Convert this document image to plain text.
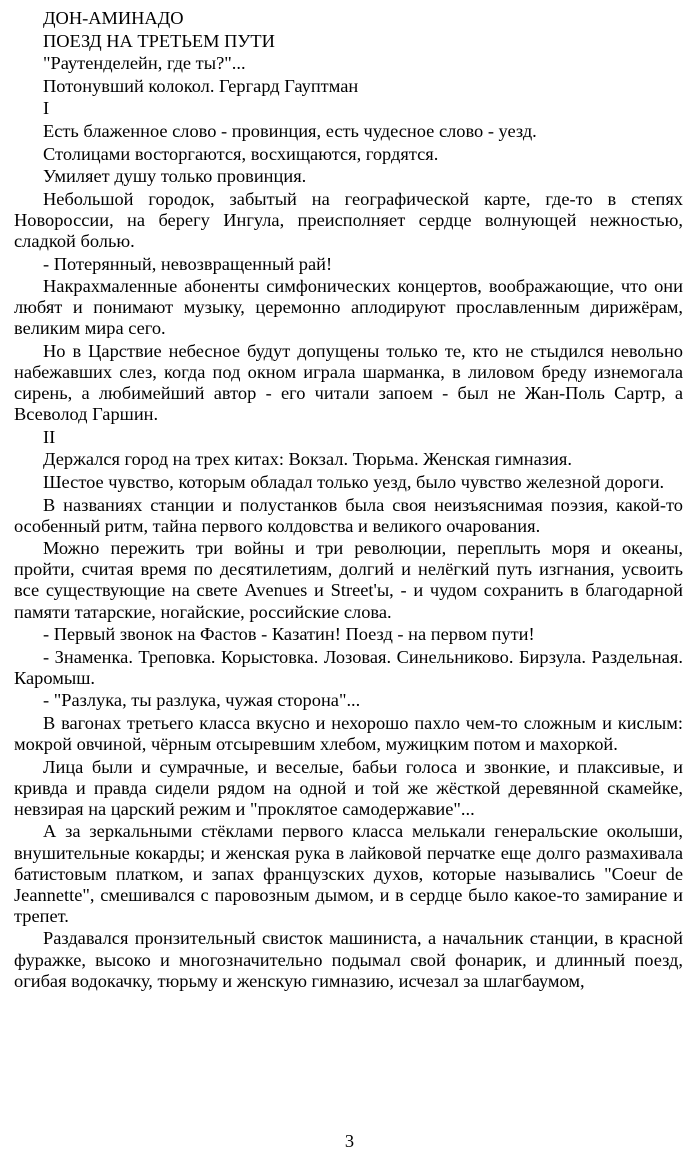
ДОН-АМИНАДО

ПОЕЗД НА ТРЕТЬЕМ ПУТИ

"Раутенделейн, где ты?"...

Потонувший колокол. Гергард Гауптман

I

Есть блаженное слово - провинция, есть чудесное слово - уезд.

Столицами восторгаются, восхищаются, гордятся.

Умиляет душу только провинция.

Небольшой городок, забытый на географической карте, где-то в степях Новороссии, на берегу Ингула, преисполняет сердце волнующей нежностью, сладкой болью.

- Потерянный, невозвращенный рай!

Накрахмаленные абоненты симфонических концертов, воображающие, что они любят и понимают музыку, церемонно аплодируют прославленным дирижёрам, великим мира сего.

Но в Царствие небесное будут допущены только те, кто не стыдился невольно набежавших слез, когда под окном играла шарманка, в лиловом бреду изнемогала сирень, а любимейший автор - его читали запоем - был не Жан-Поль Сартр, а Всеволод Гаршин.

II

Держался город на трех китах: Вокзал. Тюрьма. Женская гимназия.

Шестое чувство, которым обладал только уезд, было чувство железной дороги.

В названиях станции и полустанков была своя неизъяснимая поэзия, какой-то особенный ритм, тайна первого колдовства и великого очарования.

Можно пережить три войны и три революции, переплыть моря и океаны, пройти, считая время по десятилетиям, долгий и нелёгкий путь изгнания, усвоить все существующие на свете Avenues и Street'ы, - и чудом сохранить в благодарной памяти татарские, ногайские, российские слова.

- Первый звонок на Фастов - Казатин! Поезд - на первом пути!

- Знаменка. Треповка. Корыстовка. Лозовая. Синельниково. Бирзула. Раздельная. Каромыш.

- "Разлука, ты разлука, чужая сторона"...

В вагонах третьего класса вкусно и нехорошо пахло чем-то сложным и кислым: мокрой овчиной, чёрным отсыревшим хлебом, мужицким потом и махоркой.

Лица были и сумрачные, и веселые, бабьи голоса и звонкие, и плаксивые, и кривда и правда сидели рядом на одной и той же жёсткой деревянной скамейке, невзирая на царский режим и "проклятое самодержавие"...

А за зеркальными стёклами первого класса мелькали генеральские околыши, внушительные кокарды; и женская рука в лайковой перчатке еще долго размахивала батистовым платком, и запах французских духов, которые назывались "Coeur de Jeannette", смешивался с паровозным дымом, и в сердце было какое-то замирание и трепет.

Раздавался пронзительный свисток машиниста, а начальник станции, в красной фуражке, высоко и многозначительно подымал свой фонарик, и длинный поезд, огибая водокачку, тюрьму и женскую гимназию, исчезал за шлагбаумом,

3
